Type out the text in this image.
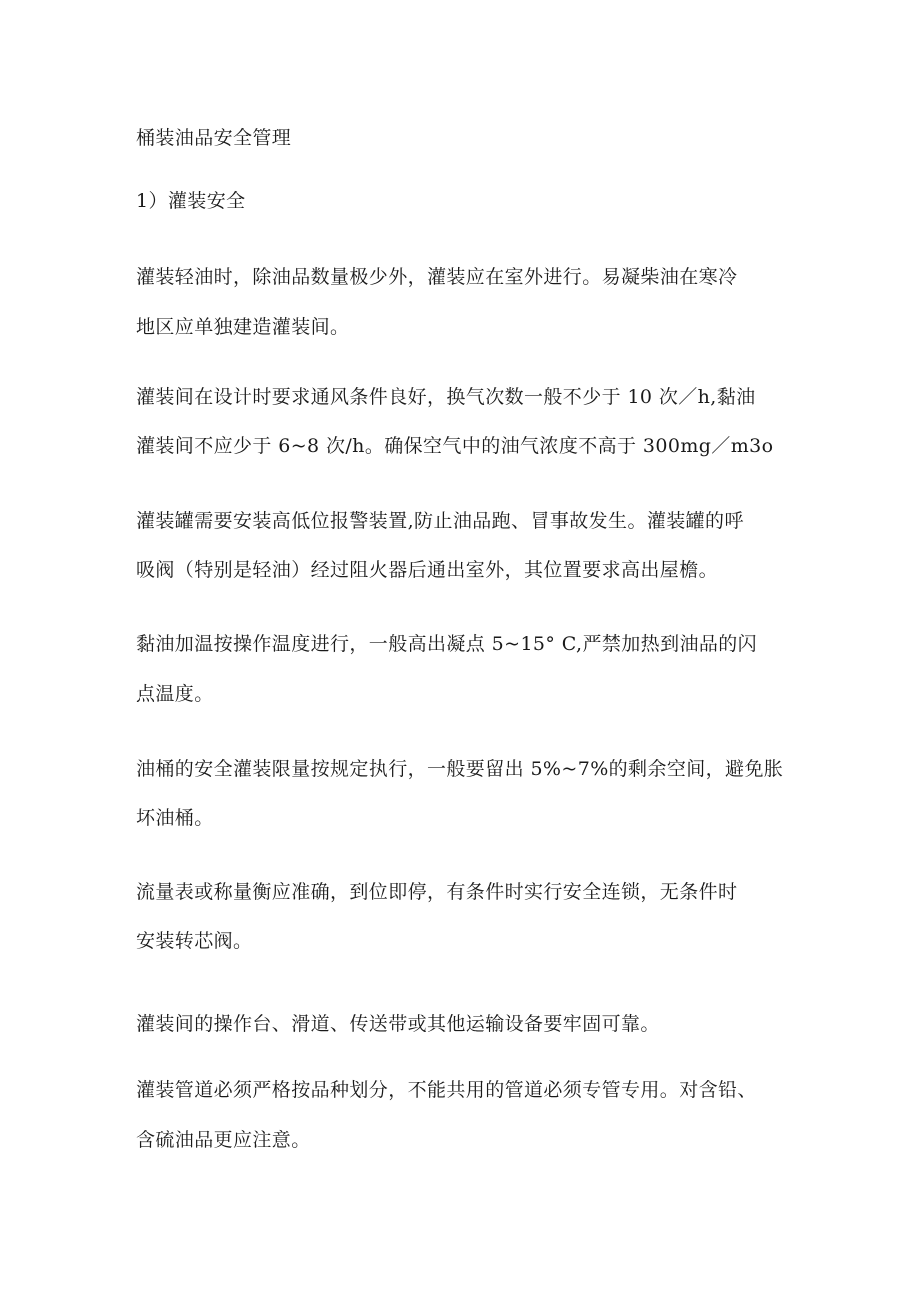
桶装油品安全管理
1）灌装安全
灌装轻油时，除油品数量极少外，灌装应在室外进行。易凝柴油在寒冷
地区应单独建造灌装间。
灌装间在设计时要求通风条件良好，换气次数一般不少于 10 次／h,黏油
灌装间不应少于 6~8 次/h。确保空气中的油气浓度不高于 300mg／m3o
灌装罐需要安装高低位报警装置,防止油品跑、冒事故发生。灌装罐的呼
吸阀（特别是轻油）经过阻火器后通出室外，其位置要求高出屋檐。
黏油加温按操作温度进行，一般高出凝点 5~15° C,严禁加热到油品的闪
点温度。
油桶的安全灌装限量按规定执行，一般要留出 5%~7%的剩余空间，避免胀
坏油桶。
流量表或称量衡应准确，到位即停，有条件时实行安全连锁，无条件时
安装转芯阀。
灌装间的操作台、滑道、传送带或其他运输设备要牢固可靠。
灌装管道必须严格按品种划分，不能共用的管道必须专管专用。对含铅、
含硫油品更应注意。
